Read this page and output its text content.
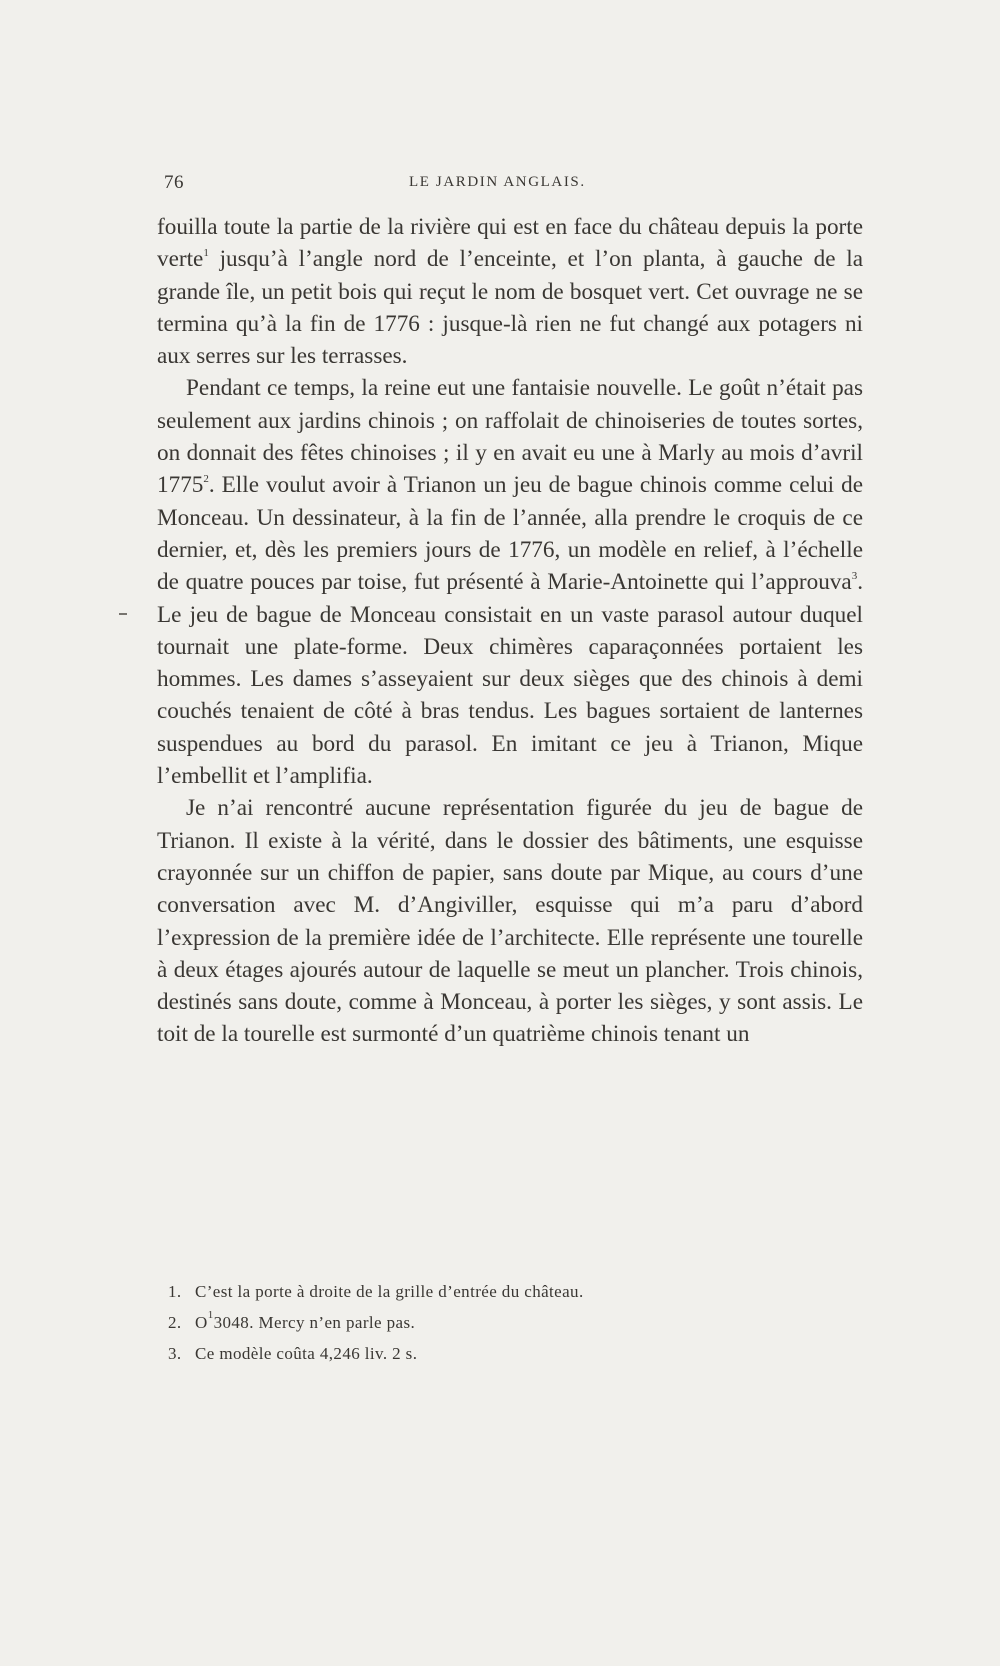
76	LE JARDIN ANGLAIS.

fouilla toute la partie de la rivière qui est en face du château depuis la porte verte$^1$ jusqu’à l’angle nord de l’enceinte, et l’on planta, à gauche de la grande île, un petit bois qui reçut le nom de bosquet vert. Cet ouvrage ne se termina qu’à la fin de 1776 : jusque-là rien ne fut changé aux potagers ni aux serres sur les terrasses.

Pendant ce temps, la reine eut une fantaisie nouvelle. Le goût n’était pas seulement aux jardins chinois ; on raffolait de chinoiseries de toutes sortes, on donnait des fêtes chinoises ; il y en avait eu une à Marly au mois d’avril 1775$^2$. Elle voulut avoir à Trianon un jeu de bague chinois comme celui de Monceau. Un dessinateur, à la fin de l’année, alla prendre le croquis de ce dernier, et, dès les premiers jours de 1776, un modèle en relief, à l’échelle de quatre pouces par toise, fut présenté à Marie-Antoinette qui l’approuva$^3$. Le jeu de bague de Monceau consistait en un vaste parasol autour duquel tournait une plate-forme. Deux chimères caparaçonnées portaient les hommes. Les dames s’asseyaient sur deux sièges que des chinois à demi couchés tenaient de côté à bras tendus. Les bagues sortaient de lanternes suspendues au bord du parasol. En imitant ce jeu à Trianon, Mique l’embellit et l’amplifia.

Je n’ai rencontré aucune représentation figurée du jeu de bague de Trianon. Il existe à la vérité, dans le dossier des bâtiments, une esquisse crayonnée sur un chiffon de papier, sans doute par Mique, au cours d’une conversation avec M. d’Angiviller, esquisse qui m’a paru d’abord l’expression de la première idée de l’architecte. Elle représente une tourelle à deux étages ajourés autour de laquelle se meut un plancher. Trois chinois, destinés sans doute, comme à Monceau, à porter les sièges, y sont assis. Le toit de la tourelle est surmonté d’un quatrième chinois tenant un

1. C’est la porte à droite de la grille d’entrée du château.
2. $O^13048$. Mercy n’en parle pas.
3. Ce modèle coûta 4,246 liv. 2 s.
